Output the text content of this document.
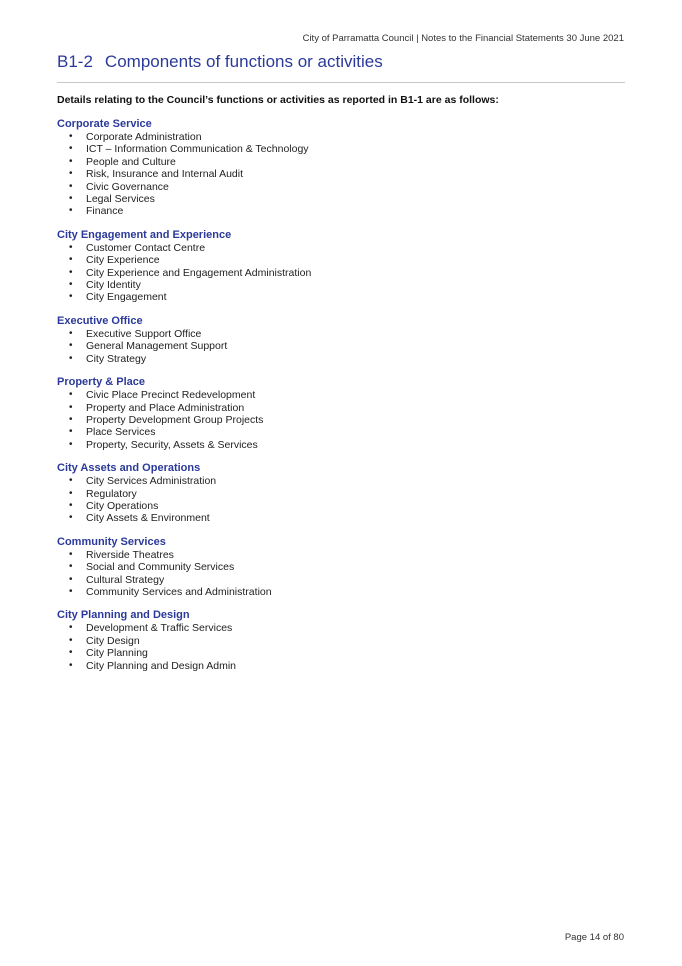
City of Parramatta Council | Notes to the Financial Statements 30 June 2021
B1-2 Components of functions or activities
Details relating to the Council’s functions or activities as reported in B1-1 are as follows:
Corporate Service
• Corporate Administration
• ICT – Information Communication & Technology
• People and Culture
• Risk, Insurance and Internal Audit
• Civic Governance
• Legal Services
• Finance
City Engagement and Experience
• Customer Contact Centre
• City Experience
• City Experience and Engagement Administration
• City Identity
• City Engagement
Executive Office
• Executive Support Office
• General Management Support
• City Strategy
Property & Place
• Civic Place Precinct Redevelopment
• Property and Place Administration
• Property Development Group Projects
• Place Services
• Property, Security, Assets & Services
City Assets and Operations
• City Services Administration
• Regulatory
• City Operations
• City Assets & Environment
Community Services
• Riverside Theatres
• Social and Community Services
• Cultural Strategy
• Community Services and Administration
City Planning and Design
• Development & Traffic Services
• City Design
• City Planning
• City Planning and Design Admin
Page 14 of 80
